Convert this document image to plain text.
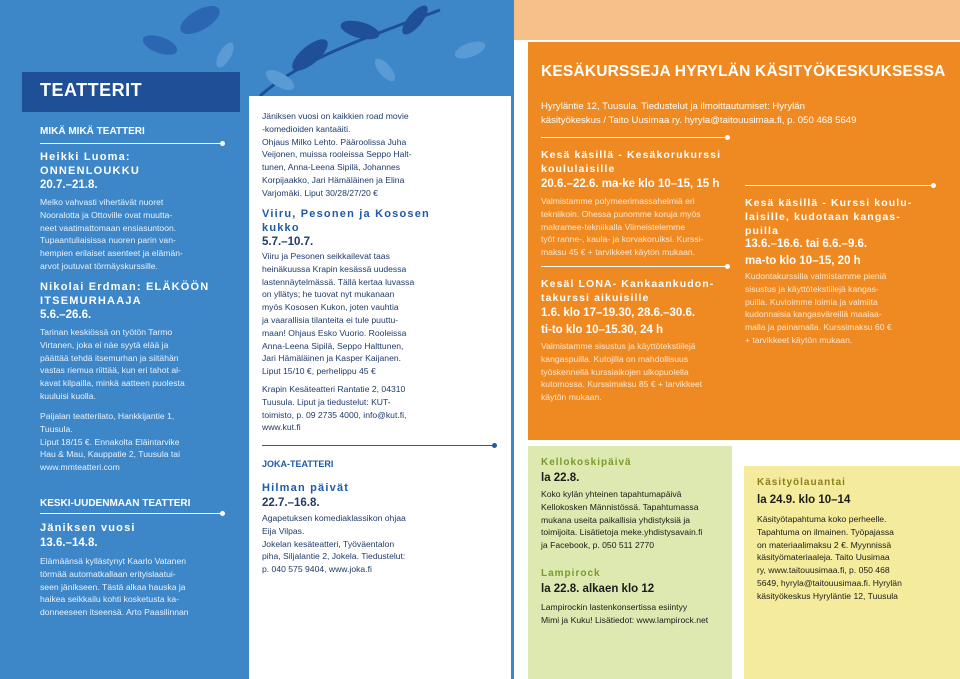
TEATTERIT
MIKÄ MIKÄ TEATTERI
Heikki Luoma:
ONNENLOUKKU
20.7.–21.8.
Melko vahvasti vihertävät nuoret
Nooralotta ja Ottoville ovat muutta-
neet vaatimattomaan ensiasuntoon.
Tupaantuliaisissa nuoren parin van-
hempien erilaiset asenteet ja elämän-
arvot joutuvat törmäyskurssille.
Nikolai Erdman: ELÄKÖÖN
ITSEMURHAAJA
5.6.–26.6.
Tarinan keskiössä on työtön Tarmo
Virtanen, joka ei näe syytä elää ja
päättää tehdä itsemurhan ja siitähän
vastas riemua riittää, kun eri tahot al-
kavat kilpailla, minkä aatteen puolesta
kuuluisi kuolla.
Paijalan teatterilato, Hankkijantie 1,
Tuusula.
Liput 18/15 €. Ennakolta Eläintarvike
Hau & Mau, Kauppatie 2, Tuusula tai
www.mmteatteri.com
KESKI-UUDENMAAN TEATTERI
Jäniksen vuosi
13.6.–14.8.
Elämäänsä kyllästynyt Kaarlo Vatanen
törmää automatkallaan erityislaatui-
seen jänikseen. Tästä alkaa hauska ja
haikea seikkailu kohti kosketusta ka-
donneeseen itseensä. Arto Paasilinnan
Jäniksen vuosi on kaikkien road movie
-komedioiden kantaäiti.
Ohjaus Milko Lehto. Pääroolissa Juha
Veijonen, muissa rooleissa Seppo Halt-
tunen, Anna-Leena Sipilä, Johannes
Korpijaakko, Jari Hämäläinen ja Elina
Varjomäki. Liput 30/28/27/20 €
Viiru, Pesonen ja Kososen
kukko
5.7.–10.7.
Viiru ja Pesonen seikkailevat taas
heinäkuussa Krapin kesässä uudessa
lastennäytelmässä. Tällä kertaa luvassa
on yllätys; he tuovat nyt mukanaan
myös Kososen Kukon, joten vauhtia
ja vaarallisia tilanteita ei tule puuttu-
maan! Ohjaus Esko Vuorio. Rooleissa
Anna-Leena Sipilä, Seppo Halttunen,
Jari Hämäläinen ja Kasper Kaijanen.
Liput 15/10 €, perhelippu 45 €
Krapin Kesäteatteri Rantatie 2, 04310
Tuusula. Liput ja tiedustelut: KUT-
toimisto, p. 09 2735 4000, info@kut.fi,
www.kut.fi
JOKA-TEATTERI
Hilman päivät
22.7.–16.8.
Agapetuksen komediaklassikon ohjaa
Eija Vilpas.
Jokelan kesäteatteri, Työväentalon
piha, Siljalantie 2, Jokela. Tiedustelut:
p. 040 575 9404, www.joka.fi
KESÄKURSSEJA HYRYLÄN KÄSITYÖKESKUKSESSA
Hyryläntie 12, Tuusula. Tiedustelut ja ilmoittautumiset: Hyrylän
käsityökeskus / Taito Uusimaa ry. hyryla@taitouusimaa.fi, p. 050 468 5649
Kesä käsillä - Kesäkorukurssi
koululaisille
20.6.–22.6. ma-ke klo 10–15, 15 h
Valmistamme polymeerimassahelmiä eri
tekniikoin. Ohessa punomme koruja myös
makramee-tekniikalla Viimeistelemme
työt ranne-, kaula- ja korvakoruiksi. Kurssi-
maksu 45 € + tarvikkeet käytön mukaan.
Kesä käsillä - Kurssi koulu-
laisille, kudotaan kangas-
puilla
13.6.–16.6. tai 6.6.–9.6.
ma-to klo 10–15, 20 h
Kudontakurssilla valmistamme pieniä
sisustus ja käyttötekstiilejä kangas-
puilla. Kuvioimme loimia ja valmiita
kudonnaisia kangasväreillä maalaa-
malla ja painamalla. Kurssimaksu 60 €
+ tarvikkeet käytön mukaan.
Kesäl LONA- Kankaankudon-
takurssi aikuisille
1.6. klo 17–19.30, 28.6.–30.6.
ti-to klo 10–15.30, 24 h
Valmistamme sisustus ja käyttötekstiilejä
kangaspuilla. Kutojilla on mahdollisuus
työskennellä kurssiaikojen ulkopuolella
kutomossa. Kurssimaksu 85 € + tarvikkeet
käytön mukaan.
Kellokoskipäivä
la 22.8.
Koko kylän yhteinen tapahtumapäivä
Kellokosken Männistössä. Tapahtumassa
mukana useita paikallisia yhdistyksiä ja
toimijoita. Lisätietoja meke.yhdistysavain.fi
ja Facebook, p. 050 511 2770
Lampirock
la 22.8. alkaen klo 12
Lampirockin lastenkonsertissa esiintyy
Mimi ja Kuku! Lisätiedot: www.lampirock.net
Käsityölauantai
la 24.9. klo 10–14
Käsityötapahtuma koko perheelle.
Tapahtuma on ilmainen. Työpajassa
on materiaalimaksu 2 €. Myynnissä
käsityömateriaaleja. Taito Uusimaa
ry, www.taitouusimaa.fi, p. 050 468
5649, hyryla@taitouusimaa.fi. Hyrylän
käsityökeskus Hyryläntie 12, Tuusula
